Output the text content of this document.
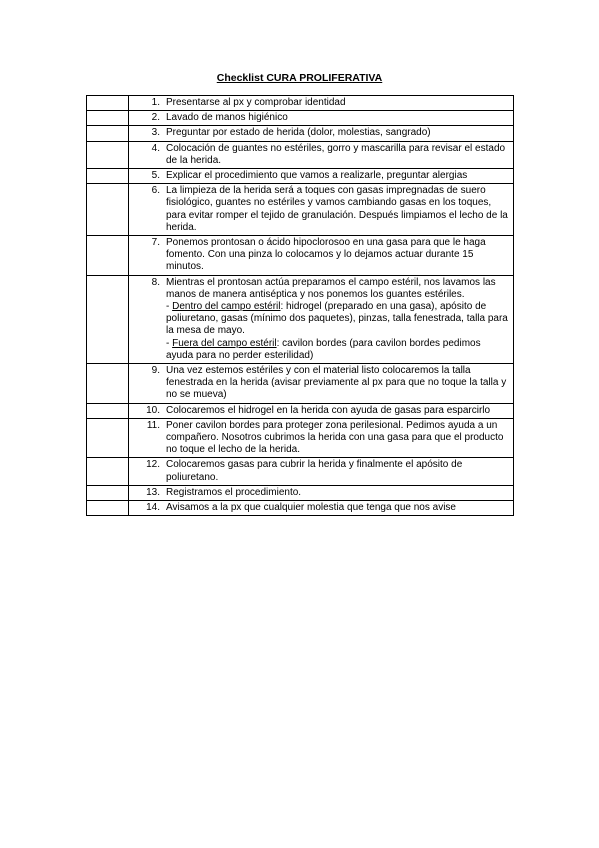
Checklist CURA PROLIFERATIVA

	1. Presentarse al px y comprobar identidad

	2. Lavado de manos higiénico

	3. Preguntar por estado de herida (dolor, molestias, sangrado)

	4. Colocación de guantes no estériles, gorro y mascarilla para revisar el estado de la herida.

	5. Explicar el procedimiento que vamos a realizarle, preguntar alergias

	6. La limpieza de la herida será a toques con gasas impregnadas de suero fisiológico, guantes no estériles y vamos cambiando gasas en los toques, para evitar romper el tejido de granulación. Después limpiamos el lecho de la herida.

	7. Ponemos prontosan o ácido hipoclorosoo en una gasa para que le haga fomento. Con una pinza lo colocamos y lo dejamos actuar durante 15 minutos.

	8. Mientras el prontosan actúa preparamos el campo estéril, nos lavamos las manos de manera antiséptica y nos ponemos los guantes estériles.

- Dentro del campo estéril: hidrogel (preparado en una gasa), apósito de poliuretano, gasas (mínimo dos paquetes), pinzas, talla fenestrada, talla para la mesa de mayo.

- Fuera del campo estéril: cavilon bordes (para cavilon bordes pedimos ayuda para no perder esterilidad)

	9. Una vez estemos estériles y con el material listo colocaremos la talla fenestrada en la herida (avisar previamente al px para que no toque la talla y no se mueva)

	10. Colocaremos el hidrogel en la herida con ayuda de gasas para esparcirlo

	11. Poner cavilon bordes para proteger zona perilesional. Pedimos ayuda a un compañero. Nosotros cubrimos la herida con una gasa para que el producto no toque el lecho de la herida.

	12. Colocaremos gasas para cubrir la herida y finalmente el apósito de poliuretano.

	13. Registramos el procedimiento.

	14. Avisamos a la px que cualquier molestia que tenga que nos avise
